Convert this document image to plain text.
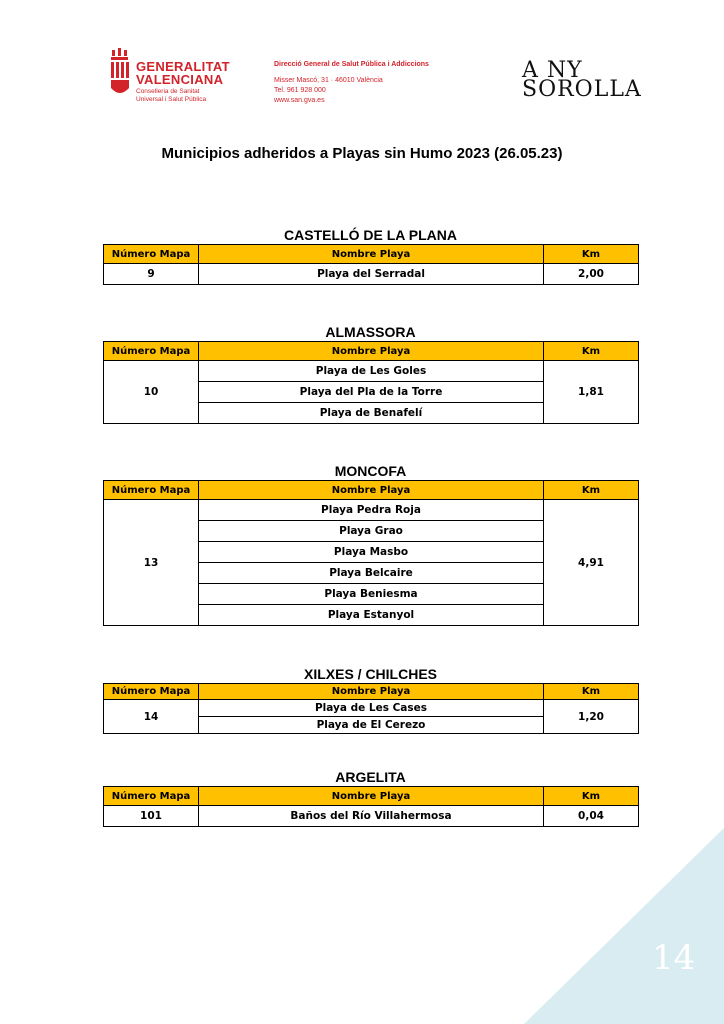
GENERALITAT
VALENCIANA
Conselleria de Sanitat
Universal i Salut Pública
Direcció General de Salut Pública i Addiccions
Misser Mascó, 31 · 46010 València
Tel. 961 928 000
www.san.gva.es
A NY
SOROLLA
Municipios adheridos a Playas sin Humo 2023 (26.05.23)
CASTELLÓ DE LA PLANA
Número Mapa	Nombre Playa	Km
9	Playa del Serradal	2,00
ALMASSORA
Número Mapa	Nombre Playa	Km
10	Playa de Les Goles	1,81
	Playa del Pla de la Torre	
	Playa de Benafelí	
MONCOFA
Número Mapa	Nombre Playa	Km
13	Playa Pedra Roja	4,91
	Playa Grao	
	Playa Masbo	
	Playa Belcaire	
	Playa Beniesma	
	Playa Estanyol	
XILXES / CHILCHES
Número Mapa	Nombre Playa	Km
14	Playa de Les Cases	1,20
	Playa de El Cerezo	
ARGELITA
Número Mapa	Nombre Playa	Km
101	Baños del Río Villahermosa	0,04
14
